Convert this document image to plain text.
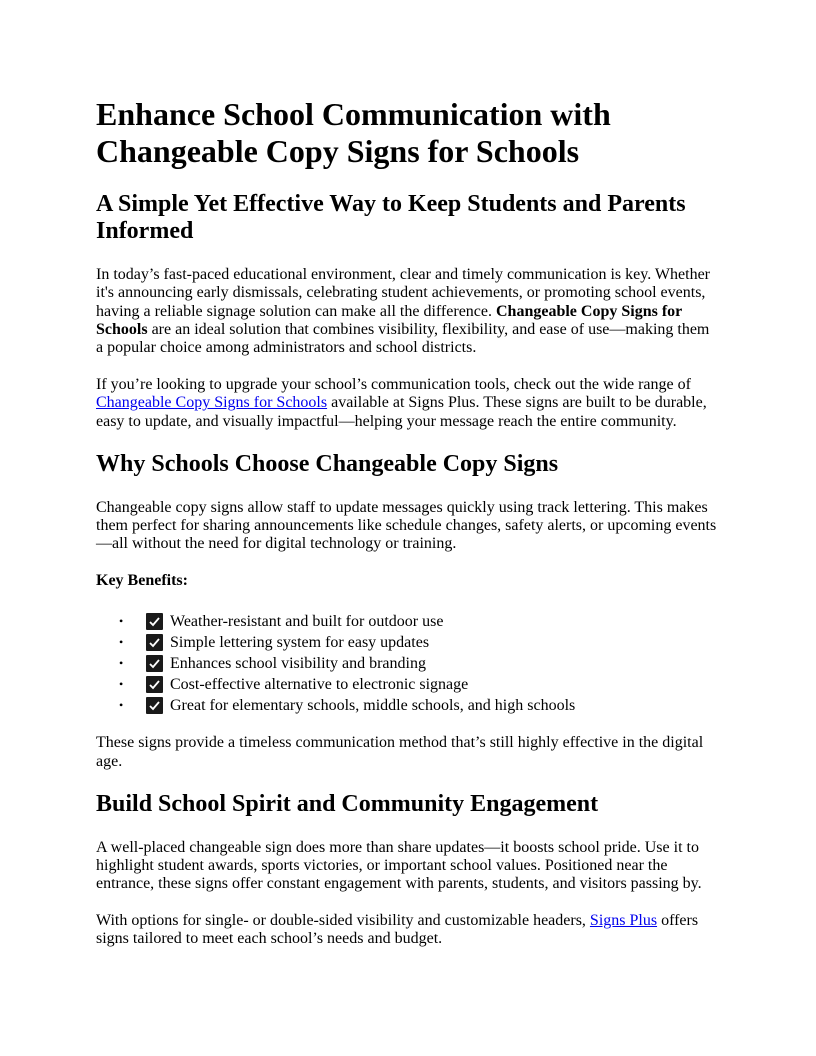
Enhance School Communication with Changeable Copy Signs for Schools
A Simple Yet Effective Way to Keep Students and Parents Informed

In today’s fast-paced educational environment, clear and timely communication is key. Whether it's announcing early dismissals, celebrating student achievements, or promoting school events, having a reliable signage solution can make all the difference. Changeable Copy Signs for Schools are an ideal solution that combines visibility, flexibility, and ease of use—making them a popular choice among administrators and school districts.

If you’re looking to upgrade your school’s communication tools, check out the wide range of Changeable Copy Signs for Schools available at Signs Plus. These signs are built to be durable, easy to update, and visually impactful—helping your message reach the entire community.

Why Schools Choose Changeable Copy Signs

Changeable copy signs allow staff to update messages quickly using track lettering. This makes them perfect for sharing announcements like schedule changes, safety alerts, or upcoming events—all without the need for digital technology or training.

Key Benefits:
•	Weather-resistant and built for outdoor use
•	Simple lettering system for easy updates
•	Enhances school visibility and branding
•	Cost-effective alternative to electronic signage
•	Great for elementary schools, middle schools, and high schools

These signs provide a timeless communication method that’s still highly effective in the digital age.

Build School Spirit and Community Engagement

A well-placed changeable sign does more than share updates—it boosts school pride. Use it to highlight student awards, sports victories, or important school values. Positioned near the entrance, these signs offer constant engagement with parents, students, and visitors passing by.

With options for single- or double-sided visibility and customizable headers, Signs Plus offers signs tailored to meet each school’s needs and budget.
